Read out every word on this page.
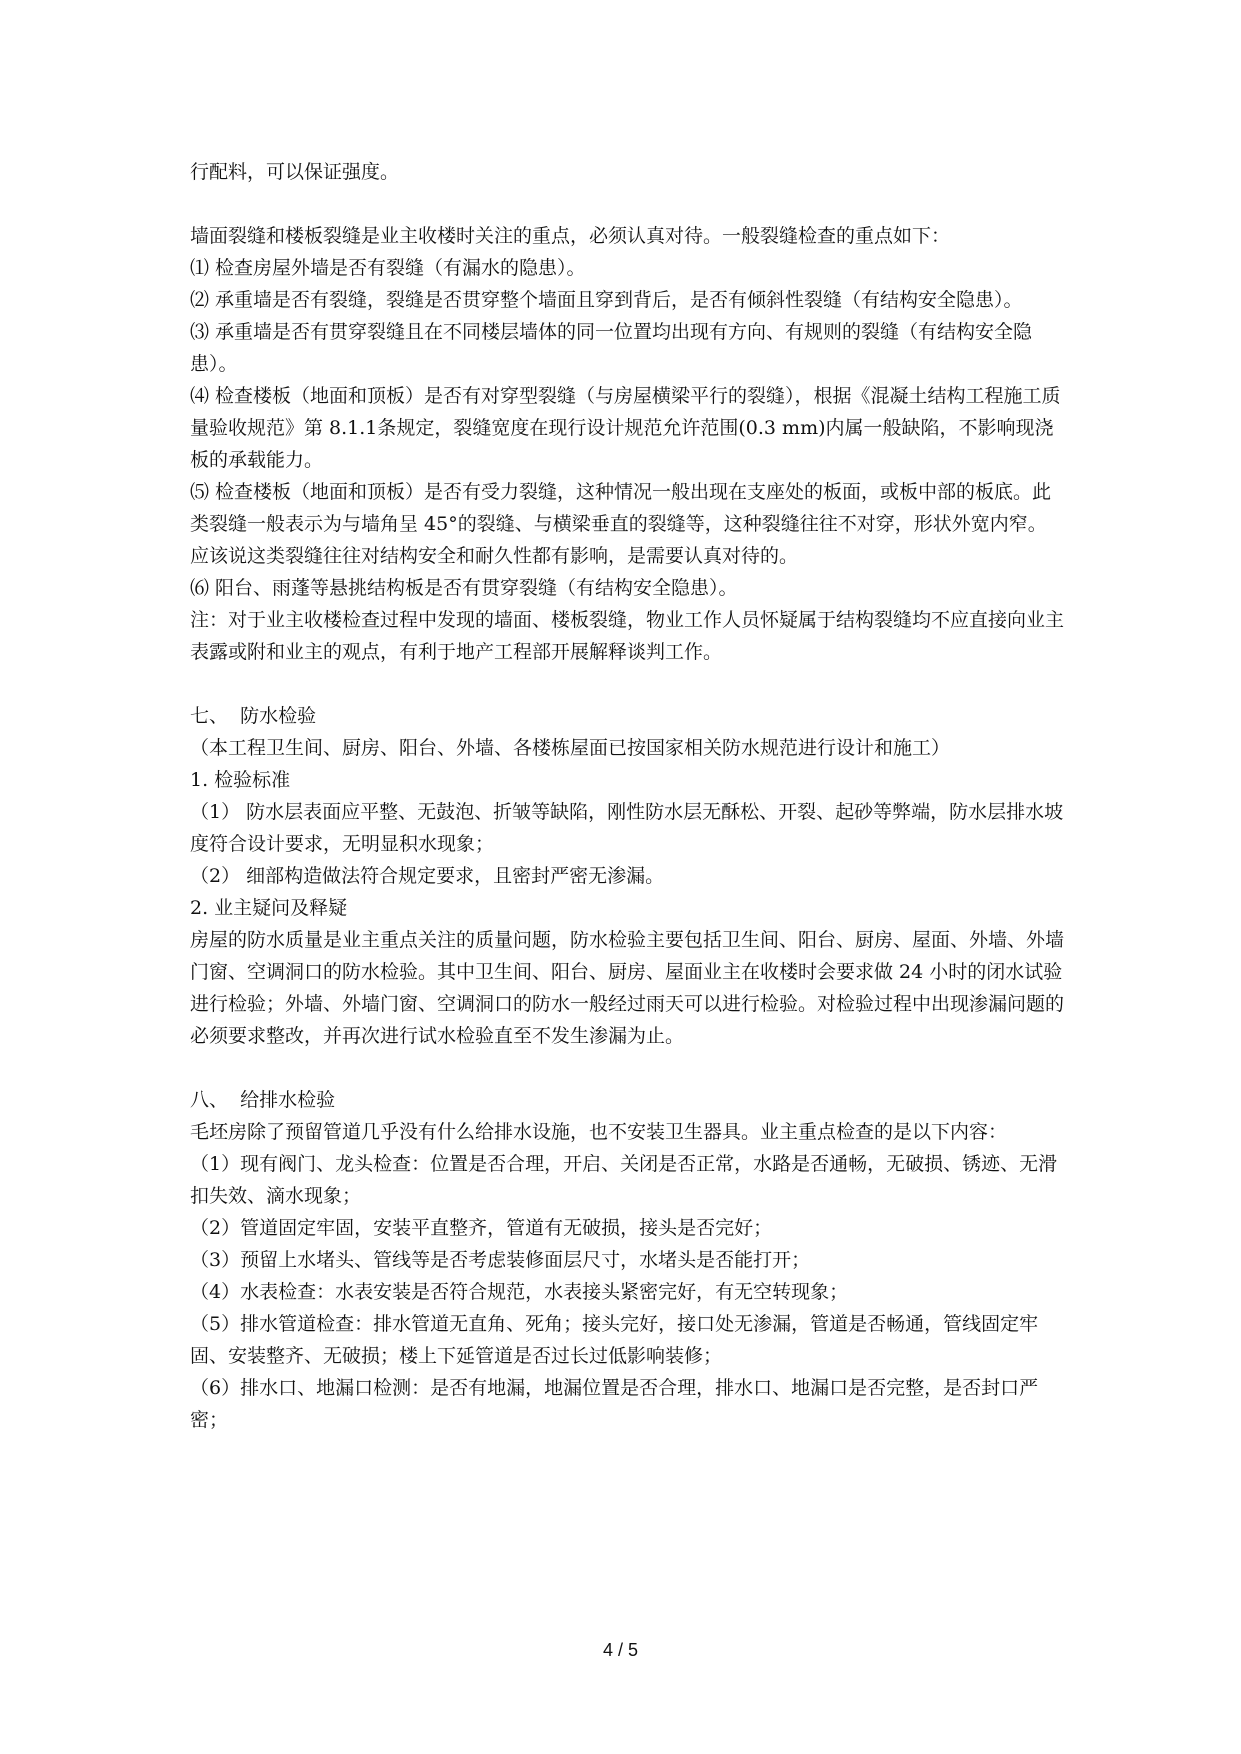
行配料，可以保证强度。

墙面裂缝和楼板裂缝是业主收楼时关注的重点，必须认真对待。一般裂缝检查的重点如下：

⑴ 检查房屋外墙是否有裂缝（有漏水的隐患）。

⑵ 承重墙是否有裂缝，裂缝是否贯穿整个墙面且穿到背后，是否有倾斜性裂缝（有结构安全隐患）。

⑶ 承重墙是否有贯穿裂缝且在不同楼层墙体的同一位置均出现有方向、有规则的裂缝（有结构安全隐患）。

⑷ 检查楼板（地面和顶板）是否有对穿型裂缝（与房屋横梁平行的裂缝），根据《混凝土结构工程施工质量验收规范》第 8.1.1条规定，裂缝宽度在现行设计规范允许范围(0.3 mm)内属一般缺陷，不影响现浇板的承载能力。

⑸ 检查楼板（地面和顶板）是否有受力裂缝，这种情况一般出现在支座处的板面，或板中部的板底。此类裂缝一般表示为与墙角呈 45°的裂缝、与横梁垂直的裂缝等，这种裂缝往往不对穿，形状外宽内窄。应该说这类裂缝往往对结构安全和耐久性都有影响，是需要认真对待的。

⑹ 阳台、雨蓬等悬挑结构板是否有贯穿裂缝（有结构安全隐患）。

注：对于业主收楼检查过程中发现的墙面、楼板裂缝，物业工作人员怀疑属于结构裂缝均不应直接向业主表露或附和业主的观点，有利于地产工程部开展解释谈判工作。

七、  防水检验

（本工程卫生间、厨房、阳台、外墙、各楼栋屋面已按国家相关防水规范进行设计和施工）

1. 检验标准

（1） 防水层表面应平整、无鼓泡、折皱等缺陷，刚性防水层无酥松、开裂、起砂等弊端，防水层排水坡度符合设计要求，无明显积水现象；

（2） 细部构造做法符合规定要求，且密封严密无渗漏。

2. 业主疑问及释疑

房屋的防水质量是业主重点关注的质量问题，防水检验主要包括卫生间、阳台、厨房、屋面、外墙、外墙门窗、空调洞口的防水检验。其中卫生间、阳台、厨房、屋面业主在收楼时会要求做 24 小时的闭水试验进行检验；外墙、外墙门窗、空调洞口的防水一般经过雨天可以进行检验。对检验过程中出现渗漏问题的必须要求整改，并再次进行试水检验直至不发生渗漏为止。

八、  给排水检验

毛坯房除了预留管道几乎没有什么给排水设施，也不安装卫生器具。业主重点检查的是以下内容：

（1）现有阀门、龙头检查：位置是否合理，开启、关闭是否正常，水路是否通畅，无破损、锈迹、无滑扣失效、滴水现象；

（2）管道固定牢固，安装平直整齐，管道有无破损，接头是否完好；

（3）预留上水堵头、管线等是否考虑装修面层尺寸，水堵头是否能打开；

（4）水表检查：水表安装是否符合规范，水表接头紧密完好，有无空转现象；

（5）排水管道检查：排水管道无直角、死角；接头完好，接口处无渗漏，管道是否畅通，管线固定牢固、安装整齐、无破损；楼上下延管道是否过长过低影响装修；

（6）排水口、地漏口检测：是否有地漏，地漏位置是否合理，排水口、地漏口是否完整，是否封口严密；

4 / 5
